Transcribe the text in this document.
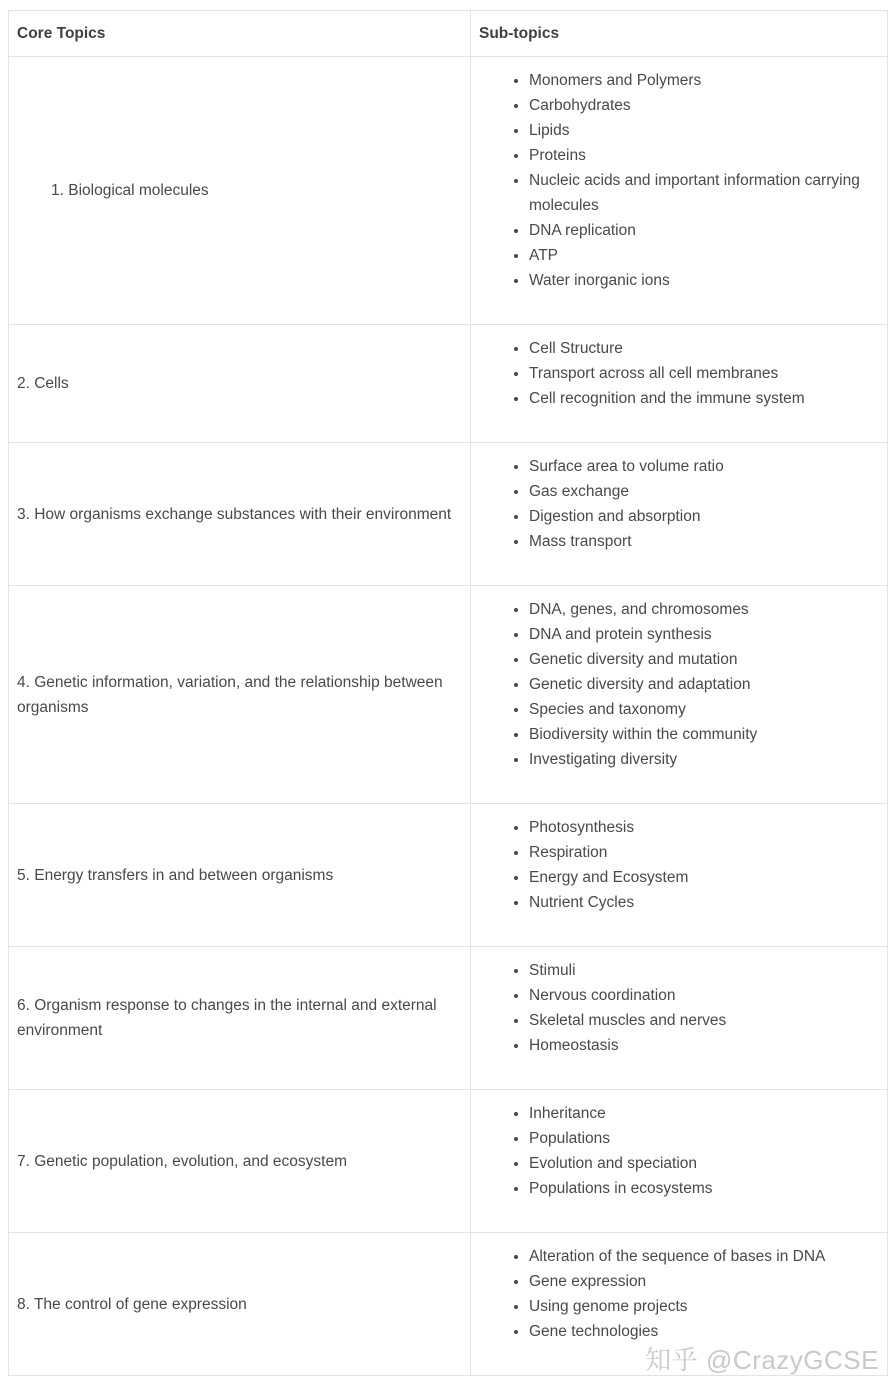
Core Topics	Sub-topics
1. Biological molecules	
• Monomers and Polymers
• Carbohydrates
• Lipids
• Proteins
• Nucleic acids and important information carrying molecules
• DNA replication
• ATP
• Water inorganic ions

2. Cells	
• Cell Structure
• Transport across all cell membranes
• Cell recognition and the immune system

3. How organisms exchange substances with their environment	
• Surface area to volume ratio
• Gas exchange
• Digestion and absorption
• Mass transport

4. Genetic information, variation, and the relationship between organisms	
• DNA, genes, and chromosomes
• DNA and protein synthesis
• Genetic diversity and mutation
• Genetic diversity and adaptation
• Species and taxonomy
• Biodiversity within the community
• Investigating diversity

5. Energy transfers in and between organisms	
• Photosynthesis
• Respiration
• Energy and Ecosystem
• Nutrient Cycles

6. Organism response to changes in the internal and external environment	
• Stimuli
• Nervous coordination
• Skeletal muscles and nerves
• Homeostasis

7. Genetic population, evolution, and ecosystem	
• Inheritance
• Populations
• Evolution and speciation
• Populations in ecosystems

8. The control of gene expression	
• Alteration of the sequence of bases in DNA
• Gene expression
• Using genome projects
• Gene technologies
知乎 @CrazyGCSE
